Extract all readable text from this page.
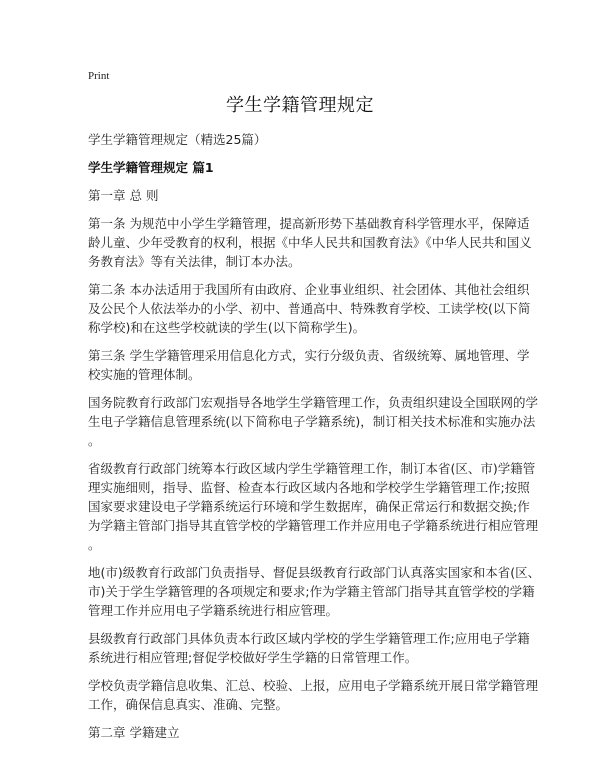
Print
学生学籍管理规定
学生学籍管理规定（精选25篇）
学生学籍管理规定 篇1

第一章 总 则

第一条 为规范中小学生学籍管理，提高新形势下基础教育科学管理水平，保障适
龄儿童、少年受教育的权利，根据《中华人民共和国教育法》《中华人民共和国义
务教育法》等有关法律，制订本办法。

第二条 本办法适用于我国所有由政府、企业事业组织、社会团体、其他社会组织
及公民个人依法举办的小学、初中、普通高中、特殊教育学校、工读学校(以下简
称学校)和在这些学校就读的学生(以下简称学生)。

第三条 学生学籍管理采用信息化方式，实行分级负责、省级统筹、属地管理、学
校实施的管理体制。

国务院教育行政部门宏观指导各地学生学籍管理工作，负责组织建设全国联网的学
生电子学籍信息管理系统(以下简称电子学籍系统)，制订相关技术标准和实施办法
。

省级教育行政部门统筹本行政区域内学生学籍管理工作，制订本省(区、市)学籍管
理实施细则，指导、监督、检查本行政区域内各地和学校学生学籍管理工作;按照
国家要求建设电子学籍系统运行环境和学生数据库，确保正常运行和数据交换;作
为学籍主管部门指导其直管学校的学籍管理工作并应用电子学籍系统进行相应管理
。

地(市)级教育行政部门负责指导、督促县级教育行政部门认真落实国家和本省(区、
市)关于学生学籍管理的各项规定和要求;作为学籍主管部门指导其直管学校的学籍
管理工作并应用电子学籍系统进行相应管理。

县级教育行政部门具体负责本行政区域内学校的学生学籍管理工作;应用电子学籍
系统进行相应管理;督促学校做好学生学籍的日常管理工作。

学校负责学籍信息收集、汇总、校验、上报，应用电子学籍系统开展日常学籍管理
工作，确保信息真实、准确、完整。

第二章 学籍建立
